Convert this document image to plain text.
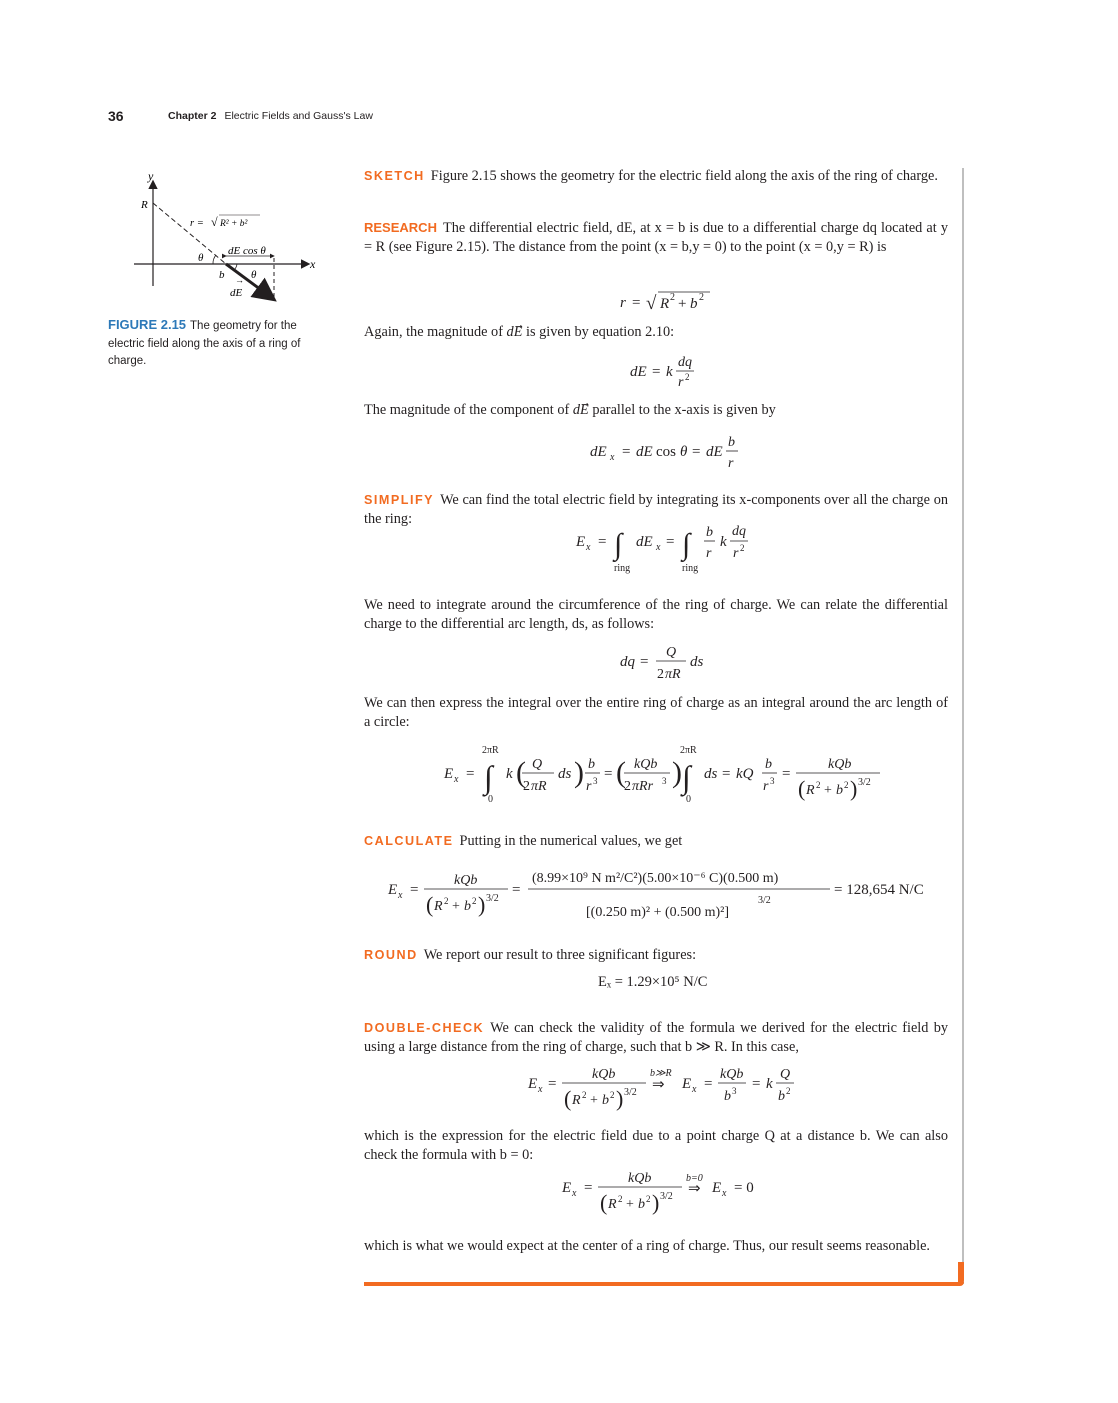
36	Chapter 2 Electric Fields and Gauss's Law
y
x
R
r = √ R² + b²
θ
dE cos θ
b θ
dE
→
FIGURE 2.15 The geometry for the electric field along the axis of a ring of charge.
SKETCH Figure 2.15 shows the geometry for the electric field along the axis of the ring of charge.
RESEARCH The differential electric field, dE, at x = b is due to a differential charge dq located at y = R (see Figure 2.15). The distance from the point (x = b,y = 0) to the point (x = 0,y = R) is
r = √ R 2 + b 2
Again, the magnitude of dE⃗ is given by equation 2.10:
dE = k
dq
r 2
The magnitude of the component of dE⃗ parallel to the x-axis is given by
dE x = dE cos θ = dE
b
r
SIMPLIFY We can find the total electric field by integrating its x-components over all the charge on the ring:
E x = ∫ dE x = ∫ b
r
k
dq
r 2
ring	ring
We need to integrate around the circumference of the ring of charge. We can relate the differential charge to the differential arc length, ds, as follows:
dq =
Q
2 πR
ds
We can then express the integral over the entire ring of charge as an integral around the arc length of a circle:
E x =
2πR
∫
0
k ( Q
2 πR
ds ) b
r 3 = ( kQb
2 πRr 3 )
2πR
∫
0
ds = kQ
b
r 3 =
kQb
( R 2 + b 2 ) 3/2
CALCULATE Putting in the numerical values, we get
E x =
kQb
( R 2 + b 2 ) 3/2
=
(8.99×10⁹ N m²/C²)(5.00×10⁻⁶ C)(0.500 m)
[(0.250 m)² + (0.500 m)²]
3/2
= 128,654 N/C
ROUND We report our result to three significant figures:
Eₓ = 1.29×10⁵ N/C
DOUBLE-CHECK We can check the validity of the formula we derived for the electric field by using a large distance from the ring of charge, such that b ≫ R. In this case,
E x =
kQb
( R 2 + b 2 ) 3/2
b≫R
⇒ E x =
kQb
b 3 = k
Q
b 2
which is the expression for the electric field due to a point charge Q at a distance b. We can also check the formula with b = 0:
E x =
kQb
( R 2 + b 2 ) 3/2
b=0
⇒ E x = 0
which is what we would expect at the center of a ring of charge. Thus, our result seems reasonable.
